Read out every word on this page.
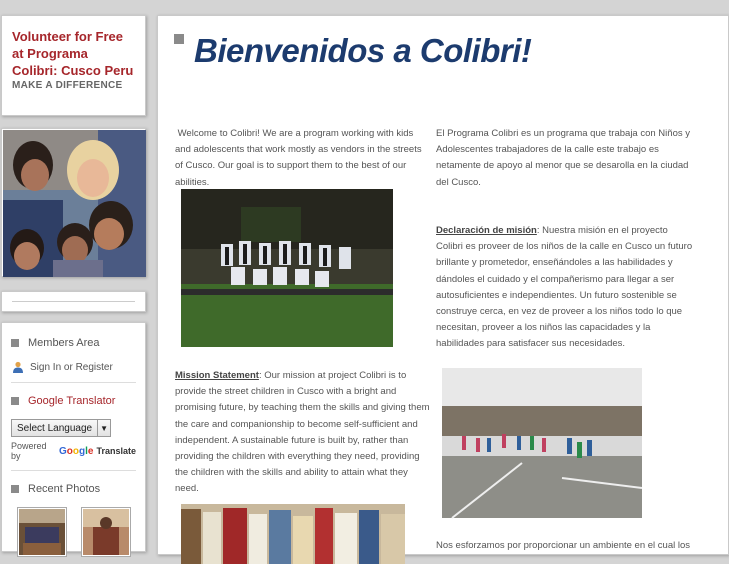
Volunteer for Free at Programa Colibri: Cusco Peru
MAKE A DIFFERENCE
Members Area
Sign In or Register
Google Translator
Select Language	▼
Powered by	Google Translate
Recent Photos
Bienvenidos a Colibri!

Welcome to Colibri! We are a program working with kids and adolescents that work mostly as vendors in the streets of Cusco. Our goal is to support them to the best of our abilities.

El Programa Colibri es un programa que trabaja con Niños y Adolescentes trabajadores de la calle este trabajo es netamente de apoyo al menor que se desarolla en la ciudad del Cusco.

Declaración de misión: Nuestra misión en el proyecto Colibri es proveer de los niños de la calle en Cusco un futuro brillante y prometedor, enseñándoles a las habilidades y dándoles el cuidado y el compañerismo para llegar a ser autosuficientes e independientes. Un futuro sostenible se construye cerca, en vez de proveer a los niños todo lo que necesitan, proveer a los niños las capacidades y la habilidades para satisfacer sus necesidades.

Mission Statement: Our mission at project Colibri is to provide the street children in Cusco with a bright and promising future, by teaching them the skills and giving them the care and companionship to become self-sufficient and independent. A sustainable future is built by, rather than providing the children with everything they need, providing the children with the skills and ability to attain what they need.

Nos esforzamos por proporcionar un ambiente en el cual los
